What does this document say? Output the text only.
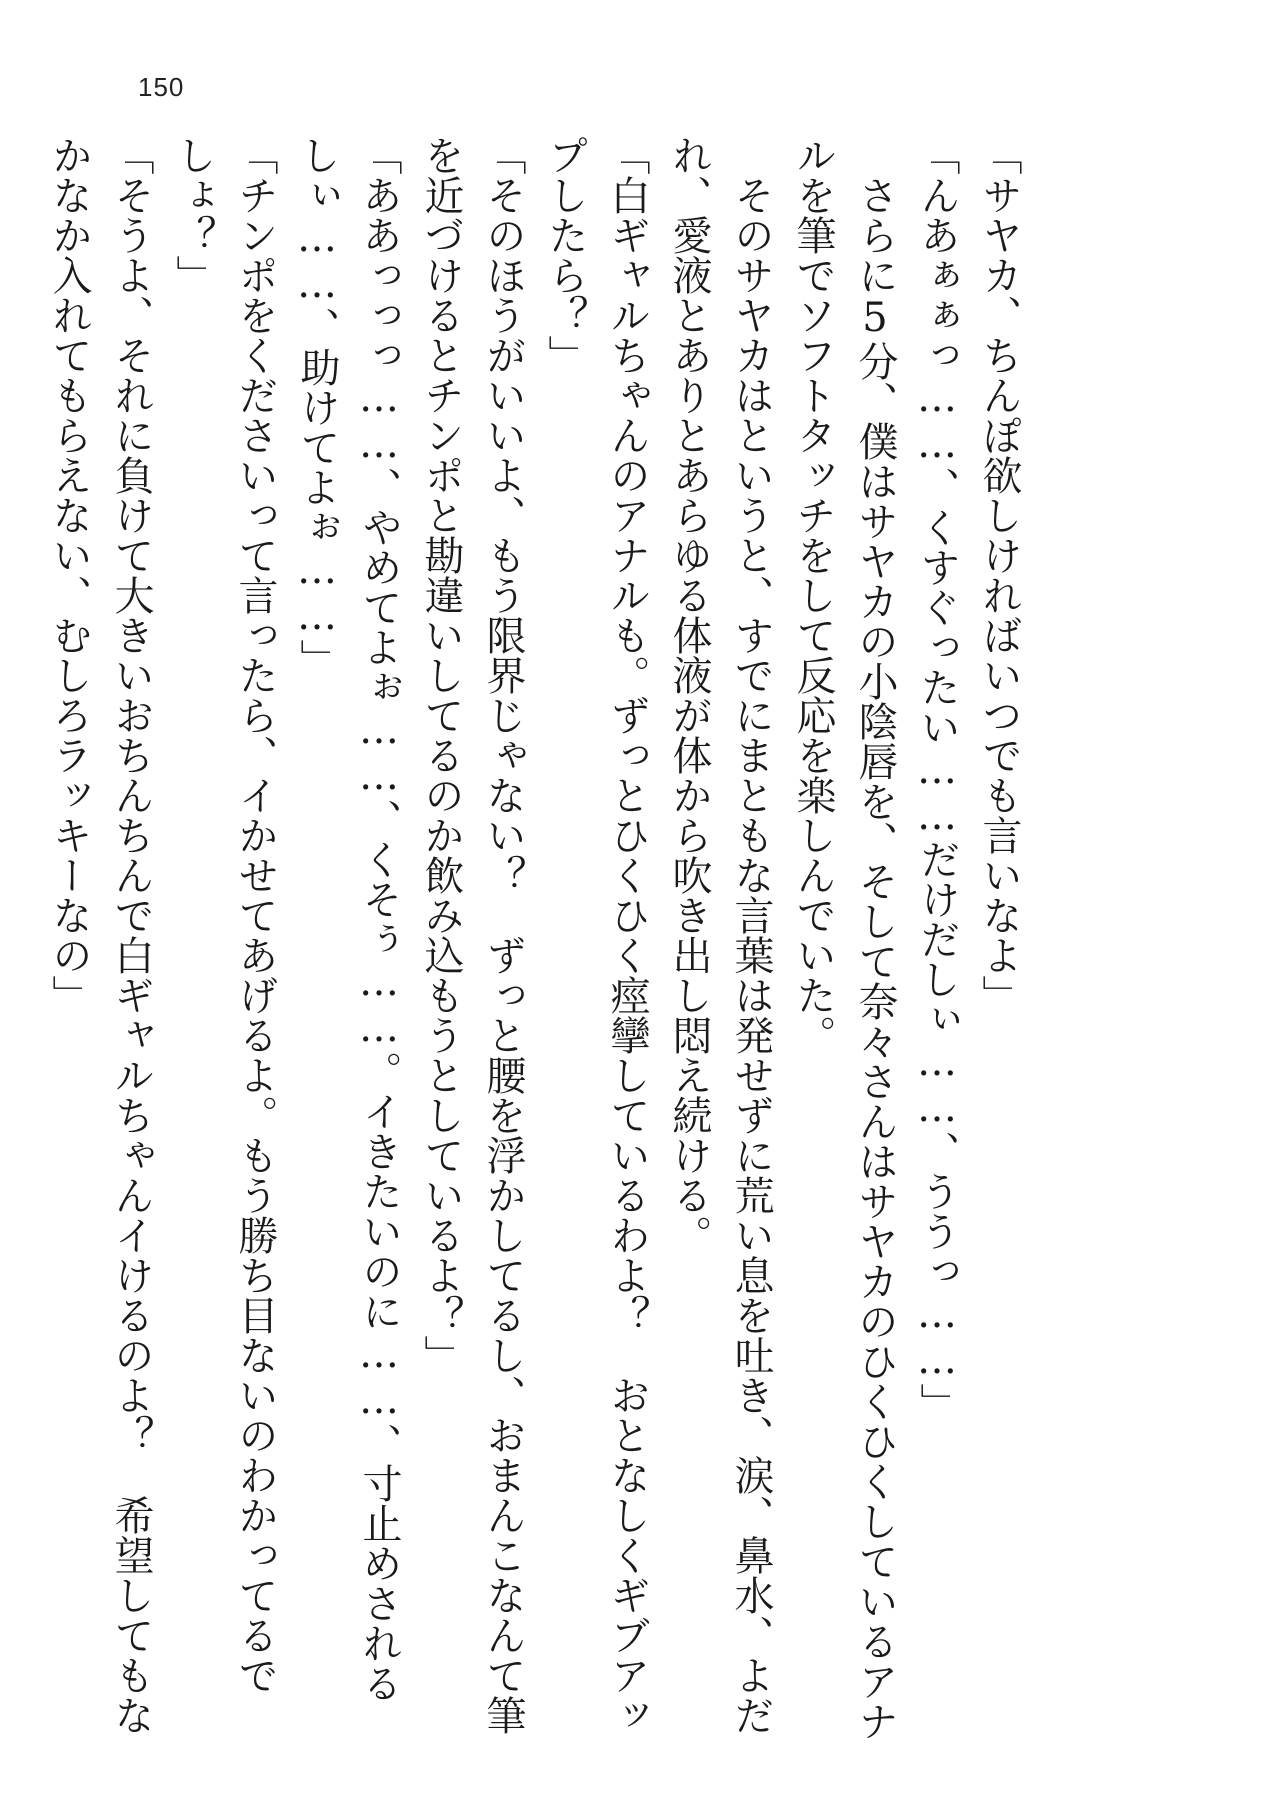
150
「サヤカ、ちんぽ欲しければいつでも言いなよ」
「んあぁぁっ……、くすぐったい……だけだしぃ……、ううっ……」
　さらに5分、僕はサヤカの小陰唇を、そして奈々さんはサヤカのひくひくしているアナ
ルを筆でソフトタッチをして反応を楽しんでいた。
　そのサヤカはというと、すでにまともな言葉は発せずに荒い息を吐き、涙、鼻水、よだ
れ、愛液とありとあらゆる体液が体から吹き出し悶え続ける。
「白ギャルちゃんのアナルも。ずっとひくひく痙攣しているわよ？　おとなしくギブアッ
プしたら？」
「そのほうがいいよ、もう限界じゃない？　ずっと腰を浮かしてるし、おまんこなんて筆
を近づけるとチンポと勘違いしてるのか飲み込もうとしているよ？」
「ああっっっ……、やめてよぉ……、くそぅ……。イきたいのに……、寸止めされる
しぃ……、助けてよぉ……」
「チンポをくださいって言ったら、イかせてあげるよ。もう勝ち目ないのわかってるで
しょ？」
「そうよ、それに負けて大きいおちんちんで白ギャルちゃんイけるのよ？　希望してもな
かなか入れてもらえない、むしろラッキーなの」
